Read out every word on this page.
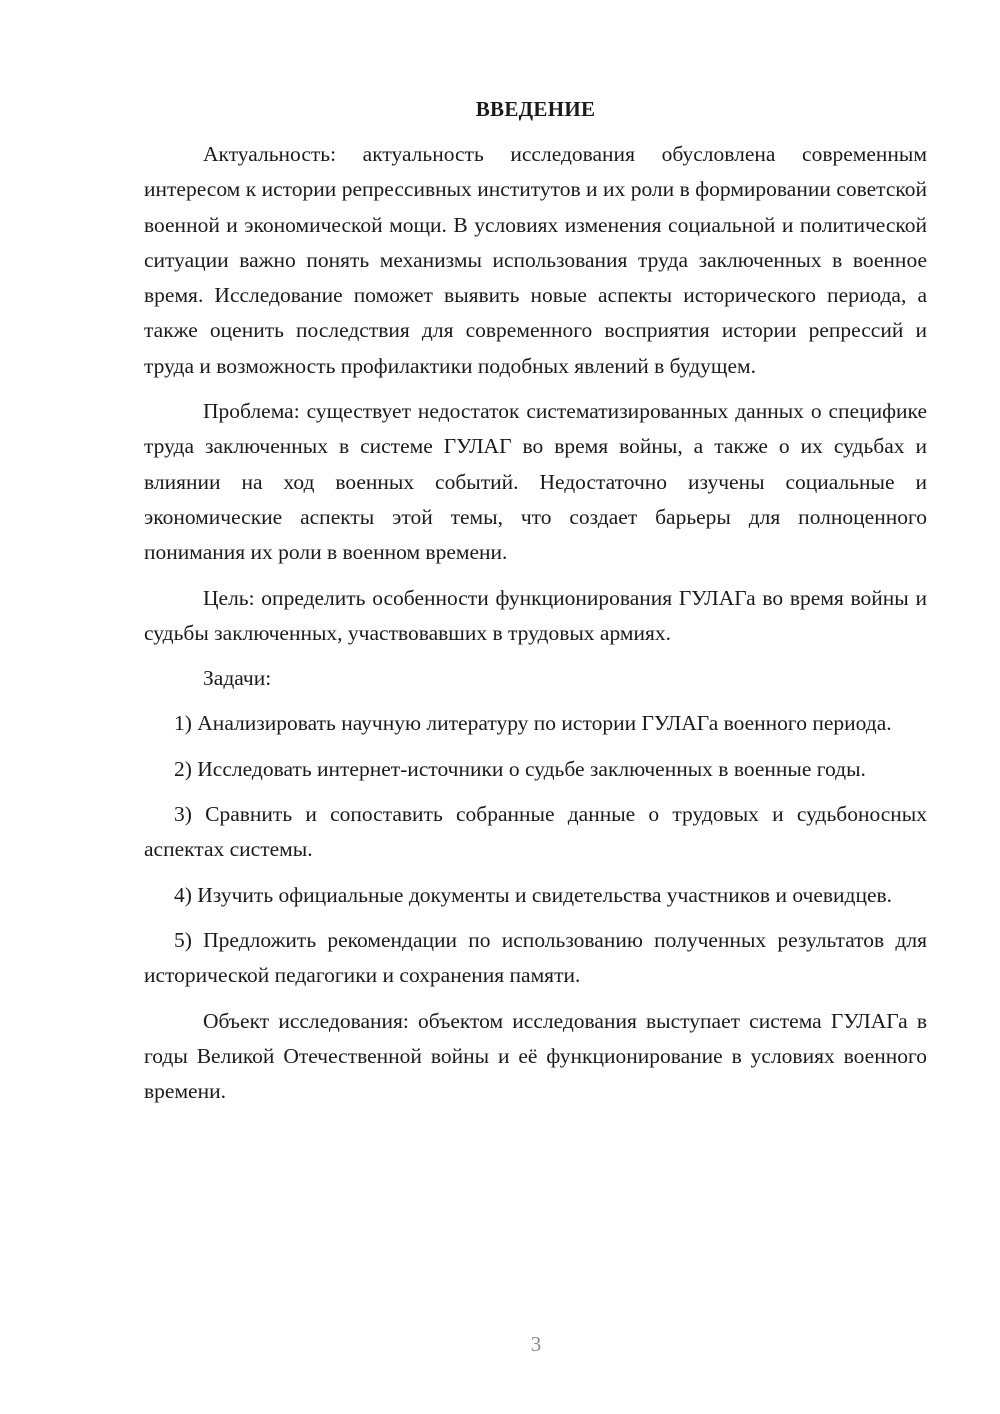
ВВЕДЕНИЕ

Актуальность: актуальность исследования обусловлена современным интересом к истории репрессивных институтов и их роли в формировании советской военной и экономической мощи. В условиях изменения социальной и политической ситуации важно понять механизмы использования труда заключенных в военное время. Исследование поможет выявить новые аспекты исторического периода, а также оценить последствия для современного восприятия истории репрессий и труда и возможность профилактики подобных явлений в будущем.

Проблема: существует недостаток систематизированных данных о специфике труда заключенных в системе ГУЛАГ во время войны, а также о их судьбах и влиянии на ход военных событий. Недостаточно изучены социальные и экономические аспекты этой темы, что создает барьеры для полноценного понимания их роли в военном времени.

Цель: определить особенности функционирования ГУЛАГа во время войны и судьбы заключенных, участвовавших в трудовых армиях.

Задачи:

1) Анализировать научную литературу по истории ГУЛАГа военного периода.

2) Исследовать интернет-источники о судьбе заключенных в военные годы.

3) Сравнить и сопоставить собранные данные о трудовых и судьбоносных аспектах системы.

4) Изучить официальные документы и свидетельства участников и очевидцев.

5) Предложить рекомендации по использованию полученных результатов для исторической педагогики и сохранения памяти.

Объект исследования: объектом исследования выступает система ГУЛАГа в годы Великой Отечественной войны и её функционирование в условиях военного времени.

3
